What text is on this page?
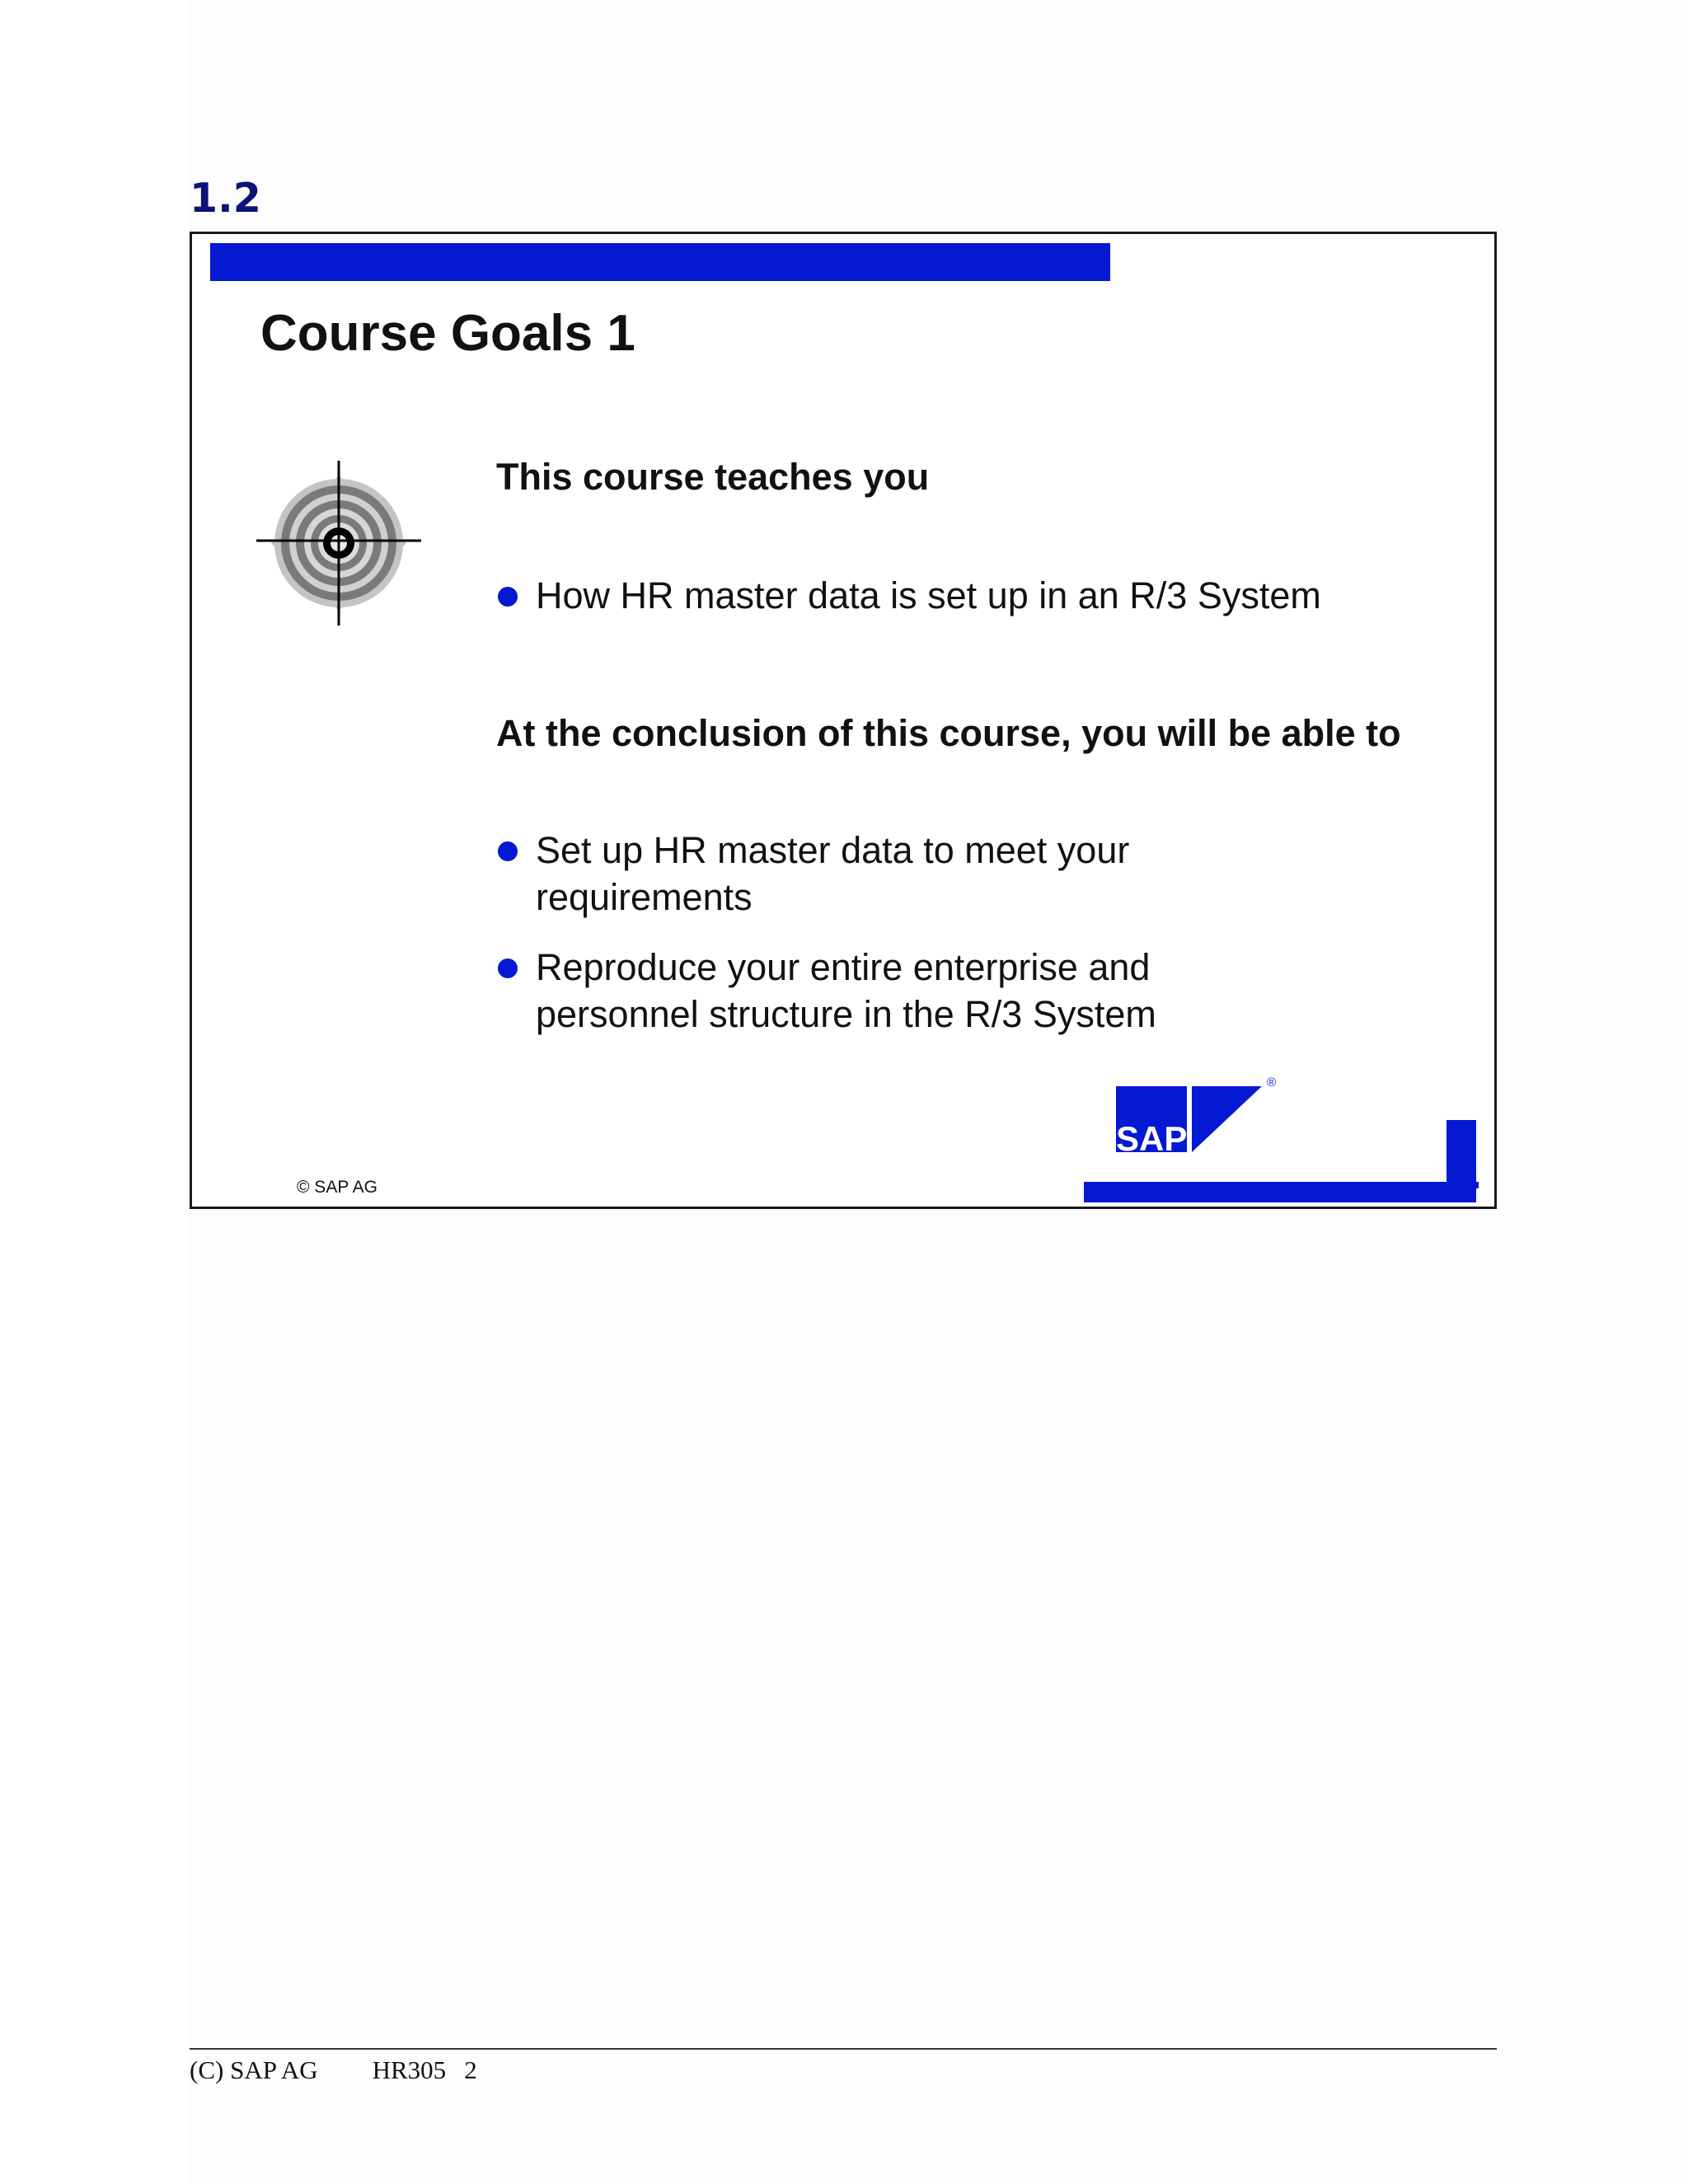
1.2
Course Goals 1
This course teaches you
How HR master data is set up in an R/3 System
At the conclusion of this course, you will be able to
Set up HR master data to meet your requirements
Reproduce your entire enterprise and personnel structure in the R/3 System
© SAP AG
SAP
®
(C) SAP AG HR305 2
